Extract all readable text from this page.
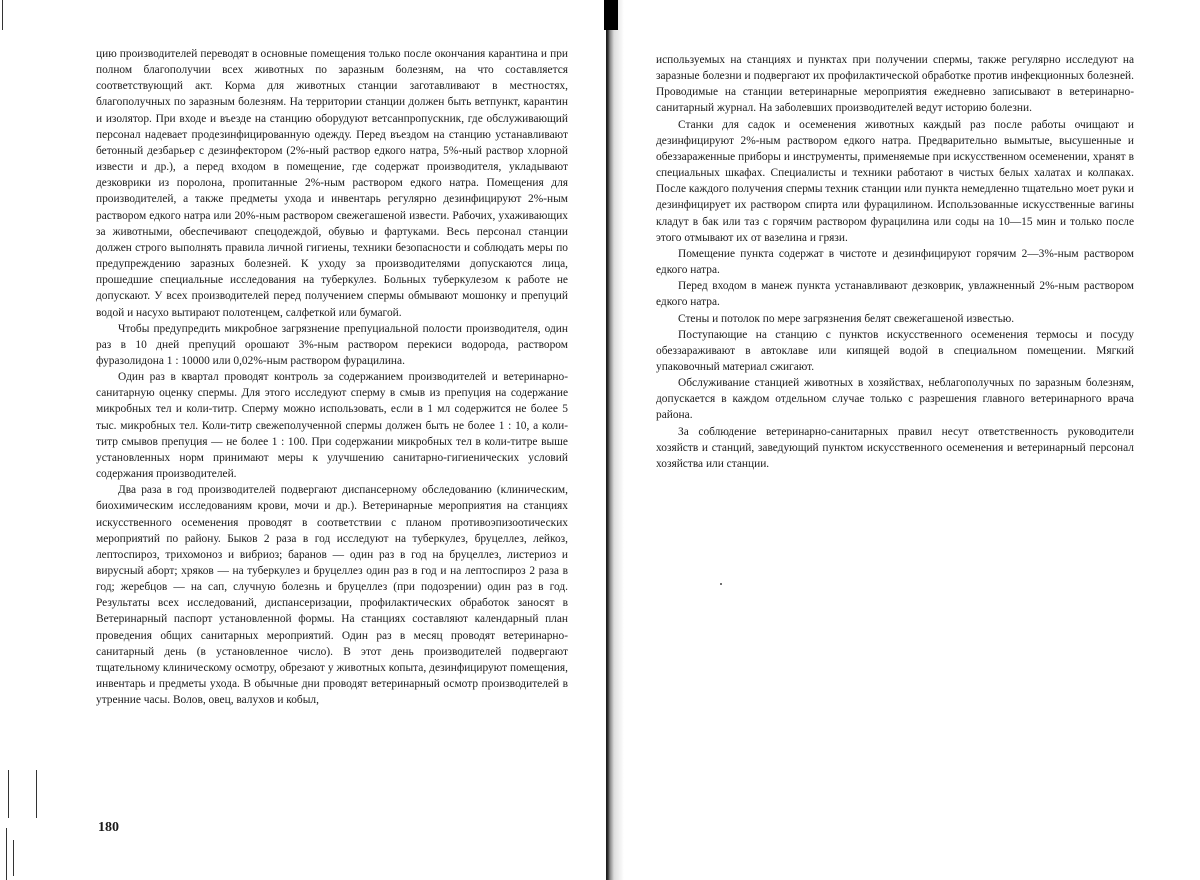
цию производителей переводят в основные помещения только после окончания карантина и при полном благополучии всех животных по заразным болезням, на что составляется соответствующий акт. Корма для животных станции заготавливают в местностях, благополучных по заразным болезням. На территории станции должен быть ветпункт, карантин и изолятор. При входе и въезде на станцию оборудуют ветсанпропускник, где обслуживающий персонал надевает продезинфицированную одежду. Перед въездом на станцию устанавливают бетонный дезбарьер с дезинфектором (2%-ный раствор едкого натра, 5%-ный раствор хлорной извести и др.), а перед входом в помещение, где содержат производителя, укладывают дезковрики из поролона, пропитанные 2%-ным раствором едкого натра. Помещения для производителей, а также предметы ухода и инвентарь регулярно дезинфицируют 2%-ным раствором едкого натра или 20%-ным раствором свежегашеной извести. Рабочих, ухаживающих за животными, обеспечивают спецодеждой, обувью и фартуками. Весь персонал станции должен строго выполнять правила личной гигиены, техники безопасности и соблюдать меры по предупреждению заразных болезней. К уходу за производителями допускаются лица, прошедшие специальные исследования на туберкулез. Больных туберкулезом к работе не допускают. У всех производителей перед получением спермы обмывают мошонку и препуций водой и насухо вытирают полотенцем, салфеткой или бумагой.

Чтобы предупредить микробное загрязнение препуциальной полости производителя, один раз в 10 дней препуций орошают 3%-ным раствором перекиси водорода, раствором фуразолидона 1 : 10000 или 0,02%-ным раствором фурацилина.

Один раз в квартал проводят контроль за содержанием производителей и ветеринарно-санитарную оценку спермы. Для этого исследуют сперму в смыв из препуция на содержание микробных тел и коли-титр. Сперму можно использовать, если в 1 мл содержится не более 5 тыс. микробных тел. Коли-титр свежеполученной спермы должен быть не более 1 : 10, а коли-титр смывов препуция — не более 1 : 100. При содержании микробных тел в коли-титре выше установленных норм принимают меры к улучшению санитарно-гигиенических условий содержания производителей.

Два раза в год производителей подвергают диспансерному обследованию (клиническим, биохимическим исследованиям крови, мочи и др.). Ветеринарные мероприятия на станциях искусственного осеменения проводят в соответствии с планом противоэпизоотических мероприятий по району. Быков 2 раза в год исследуют на туберкулез, бруцеллез, лейкоз, лептоспироз, трихомоноз и вибриоз; баранов — один раз в год на бруцеллез, листериоз и вирусный аборт; хряков — на туберкулез и бруцеллез один раз в год и на лептоспироз 2 раза в год; жеребцов — на сап, случную болезнь и бруцеллез (при подозрении) один раз в год. Результаты всех исследований, диспансеризации, профилактических обработок заносят в Ветеринарный паспорт установленной формы. На станциях составляют календарный план проведения общих санитарных мероприятий. Один раз в месяц проводят ветеринарно-санитарный день (в установленное число). В этот день производителей подвергают тщательному клиническому осмотру, обрезают у животных копыта, дезинфицируют помещения, инвентарь и предметы ухода. В обычные дни проводят ветеринарный осмотр производителей в утренние часы. Волов, овец, валухов и кобыл,

180

используемых на станциях и пунктах при получении спермы, также регулярно исследуют на заразные болезни и подвергают их профилактической обработке против инфекционных болезней. Проводимые на станции ветеринарные мероприятия ежедневно записывают в ветеринарно-санитарный журнал. На заболевших производителей ведут историю болезни.

Станки для садок и осеменения животных каждый раз после работы очищают и дезинфицируют 2%-ным раствором едкого натра. Предварительно вымытые, высушенные и обеззараженные приборы и инструменты, применяемые при искусственном осеменении, хранят в специальных шкафах. Специалисты и техники работают в чистых белых халатах и колпаках. После каждого получения спермы техник станции или пункта немедленно тщательно моет руки и дезинфицирует их раствором спирта или фурацилином. Использованные искусственные вагины кладут в бак или таз с горячим раствором фурацилина или соды на 10—15 мин и только после этого отмывают их от вазелина и грязи.

Помещение пункта содержат в чистоте и дезинфицируют горячим 2—3%-ным раствором едкого натра.

Перед входом в манеж пункта устанавливают дезковрик, увлажненный 2%-ным раствором едкого натра.

Стены и потолок по мере загрязнения белят свежегашеной известью.

Поступающие на станцию с пунктов искусственного осеменения термосы и посуду обеззараживают в автоклаве или кипящей водой в специальном помещении. Мягкий упаковочный материал сжигают.

Обслуживание станцией животных в хозяйствах, неблагополучных по заразным болезням, допускается в каждом отдельном случае только с разрешения главного ветеринарного врача района.

За соблюдение ветеринарно-санитарных правил несут ответственность руководители хозяйств и станций, заведующий пунктом искусственного осеменения и ветеринарный персонал хозяйства или станции.
